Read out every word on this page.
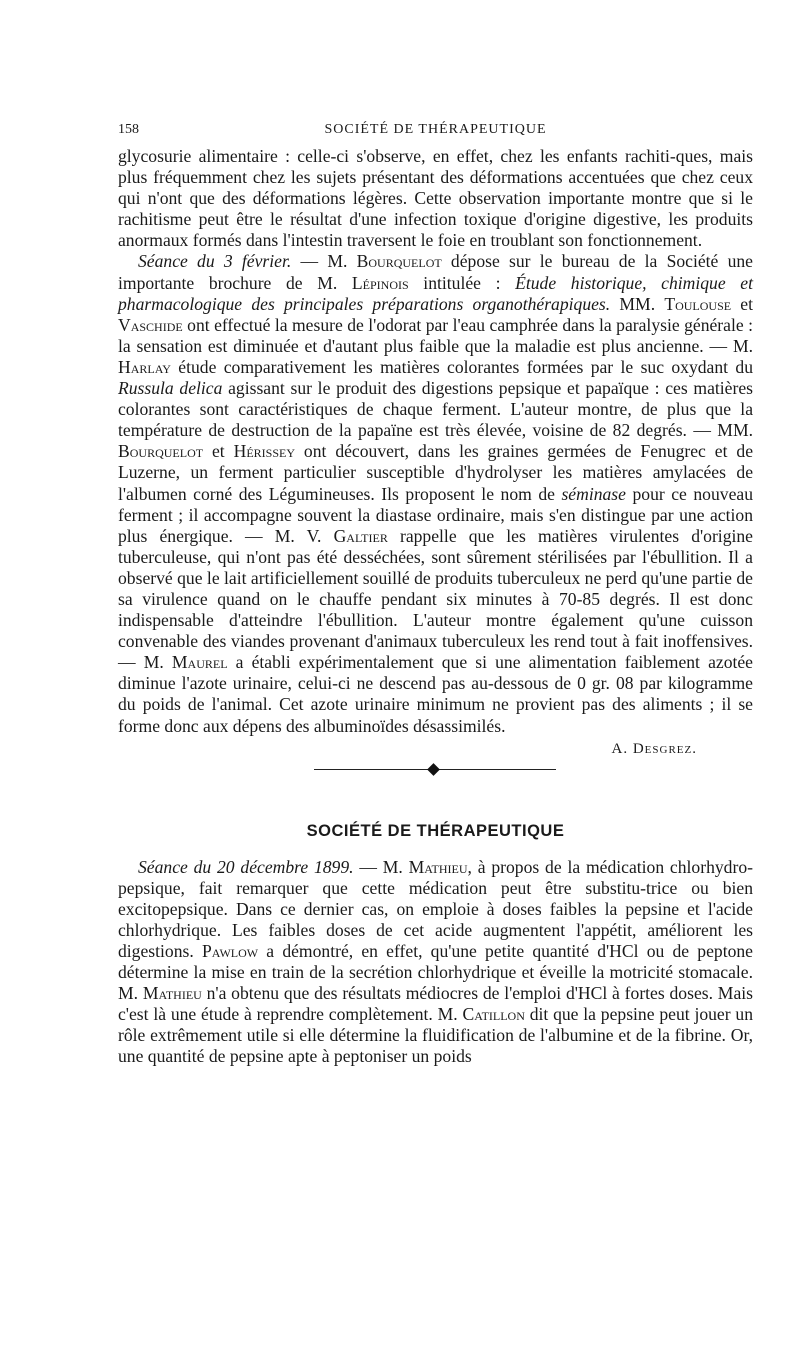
158	SOCIÉTÉ DE THÉRAPEUTIQUE

glycosurie alimentaire : celle-ci s'observe, en effet, chez les enfants rachiti-ques, mais plus fréquemment chez les sujets présentant des déformations accentuées que chez ceux qui n'ont que des déformations légères. Cette observation importante montre que si le rachitisme peut être le résultat d'une infection toxique d'origine digestive, les produits anormaux formés dans l'intestin traversent le foie en troublant son fonctionnement.

Séance du 3 février. — M. Bourquelot dépose sur le bureau de la Société une importante brochure de M. Lépinois intitulée : Étude historique, chimique et pharmacologique des principales préparations organothérapiques. MM. Toulouse et Vaschide ont effectué la mesure de l'odorat par l'eau camphrée dans la paralysie générale : la sensation est diminuée et d'autant plus faible que la maladie est plus ancienne. — M. Harlay étude comparativement les matières colorantes formées par le suc oxydant du Russula delica agissant sur le produit des digestions pepsique et papaïque : ces matières colorantes sont caractéristiques de chaque ferment. L'auteur montre, de plus que la température de destruction de la papaïne est très élevée, voisine de 82 degrés. — MM. Bourquelot et Hérissey ont découvert, dans les graines germées de Fenugrec et de Luzerne, un ferment particulier susceptible d'hydrolyser les matières amylacées de l'albumen corné des Légumineuses. Ils proposent le nom de séminase pour ce nouveau ferment ; il accompagne souvent la diastase ordinaire, mais s'en distingue par une action plus énergique. — M. V. Galtier rappelle que les matières virulentes d'origine tuberculeuse, qui n'ont pas été desséchées, sont sûrement stérilisées par l'ébullition. Il a observé que le lait artificiellement souillé de produits tuberculeux ne perd qu'une partie de sa virulence quand on le chauffe pendant six minutes à 70-85 degrés. Il est donc indispensable d'atteindre l'ébullition. L'auteur montre également qu'une cuisson convenable des viandes provenant d'animaux tuberculeux les rend tout à fait inoffensives. — M. Maurel a établi expérimentalement que si une alimentation faiblement azotée diminue l'azote urinaire, celui-ci ne descend pas au-dessous de 0 gr. 08 par kilogramme du poids de l'animal. Cet azote urinaire minimum ne provient pas des aliments ; il se forme donc aux dépens des albuminoïdes désassimilés.

A. Desgrez.
SOCIÉTÉ DE THÉRAPEUTIQUE

Séance du 20 décembre 1899. — M. Mathieu, à propos de la médication chlorhydro-pepsique, fait remarquer que cette médication peut être substitu-trice ou bien excitopepsique. Dans ce dernier cas, on emploie à doses faibles la pepsine et l'acide chlorhydrique. Les faibles doses de cet acide augmentent l'appétit, améliorent les digestions. Pawlow a démontré, en effet, qu'une petite quantité d'HCl ou de peptone détermine la mise en train de la secrétion chlorhydrique et éveille la motricité stomacale. M. Mathieu n'a obtenu que des résultats médiocres de l'emploi d'HCl à fortes doses. Mais c'est là une étude à reprendre complètement. M. Catillon dit que la pepsine peut jouer un rôle extrêmement utile si elle détermine la fluidification de l'albumine et de la fibrine. Or, une quantité de pepsine apte à peptoniser un poids
